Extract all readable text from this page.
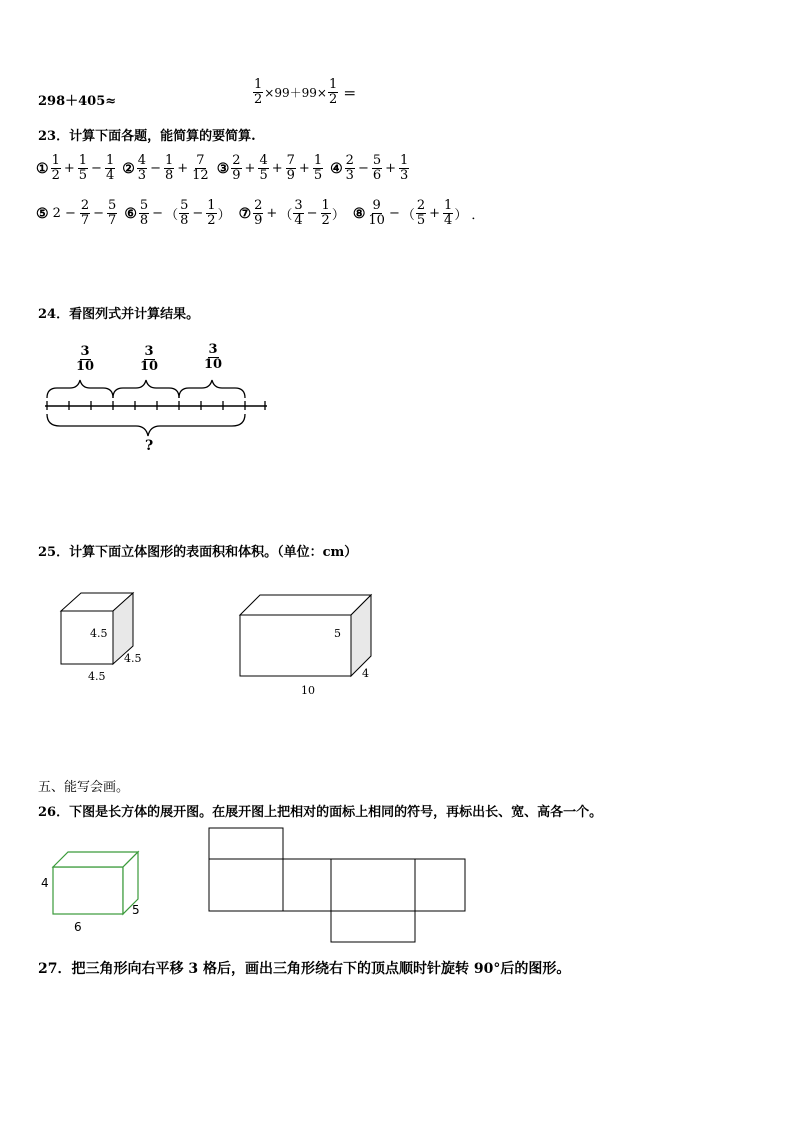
298＋405≈	$\frac{1}{2} \times 99+99\times \frac{1}{2}$ ＝
23．计算下面各题，能简算的要简算.
① $\frac{1}{2} + \frac{1}{5} - \frac{1}{4}$ ② $\frac{4}{3} - \frac{1}{8} + \frac{7}{12}$ ③ $\frac{2}{9} + \frac{4}{5} + \frac{7}{9} + \frac{1}{5}$ ④ $\frac{2}{3} - \frac{5}{6} + \frac{1}{3}$
⑤ $2 - \frac{2}{7} - \frac{5}{7}$ ⑥ $\frac{5}{8}$ − （ $\frac{5}{8} - \frac{1}{2}$ ） ⑦ $\frac{2}{9}$ + （ $\frac{3}{4} - \frac{1}{2}$ ） ⑧ $\frac{9}{10}$ − （ $\frac{2}{5} + \frac{1}{4}$ ） ．
24．看图列式并计算结果。
$\frac{3}{10}$	$\frac{3}{10}$	$\frac{3}{10}$
?
25．计算下面立体图形的表面积和体积。（单位：cm）
4.5
4.5
4.5
5
4
10
五、能写会画。
26．下图是长方体的展开图。在展开图上把相对的面标上相同的符号，再标出长、宽、高各一个。
4
5
6
27．把三角形向右平移 3 格后，画出三角形绕右下的顶点顺时针旋转 90°后的图形。
